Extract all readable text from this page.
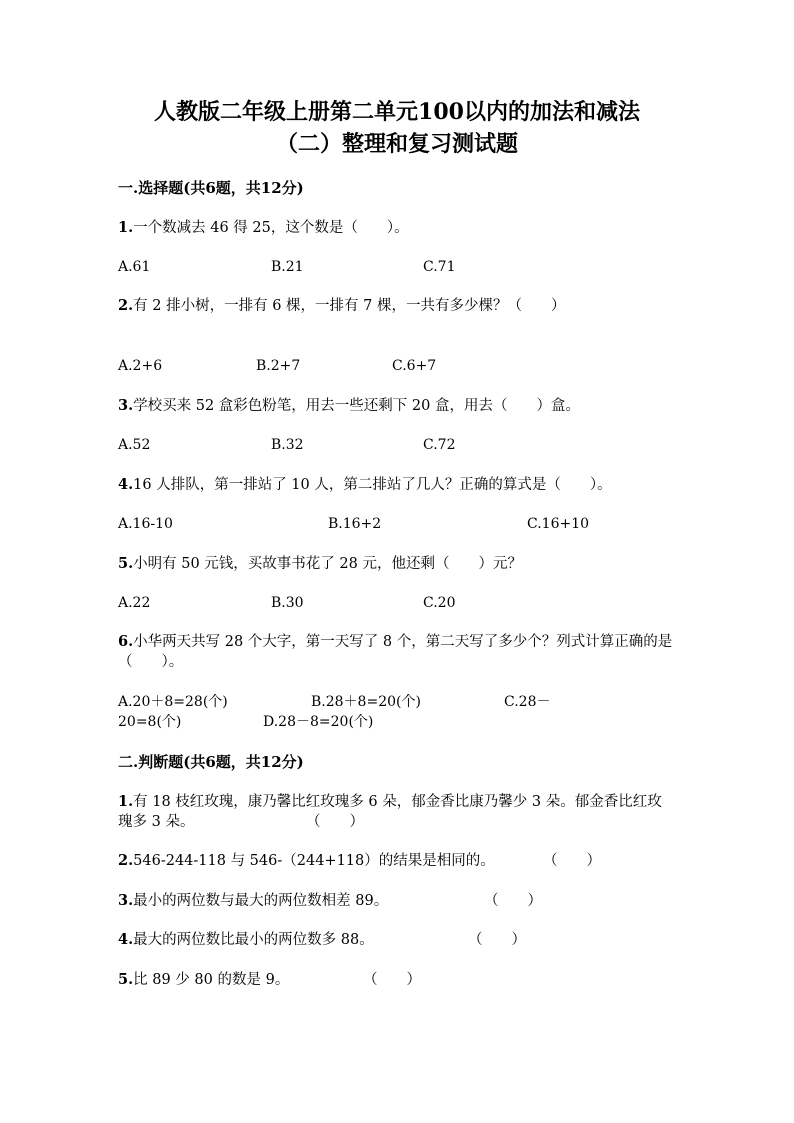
人教版二年级上册第二单元100以内的加法和减法
（二）整理和复习测试题
一.选择题(共6题，共12分)
1.一个数减去 46 得 25，这个数是（　　）。
A.61	B.21	C.71
2.有 2 排小树，一排有 6 棵，一排有 7 棵，一共有多少棵？（　　）
A.2+6	B.2+7	C.6+7
3.学校买来 52 盒彩色粉笔，用去一些还剩下 20 盒，用去（　　）盒。
A.52	B.32	C.72
4.16 人排队，第一排站了 10 人，第二排站了几人？正确的算式是（　　）。
A.16-10	B.16+2	C.16+10
5.小明有 50 元钱，买故事书花了 28 元，他还剩（　　）元？
A.22	B.30	C.20
6.小华两天共写 28 个大字，第一天写了 8 个，第二天写了多少个？列式计算正确的是（　　）。
A.20＋8=28(个)	B.28＋8=20(个)	C.28－
20=8(个)	D.28－8=20(个)
二.判断题(共6题，共12分)
1.有 18 枝红玫瑰，康乃馨比红玫瑰多 6 朵，郁金香比康乃馨少 3 朵。郁金香比红玫瑰多 3 朵。	（　　）
2.546-244-118 与 546-（244+118）的结果是相同的。	（　　）
3.最小的两位数与最大的两位数相差 89。	（　　）
4.最大的两位数比最小的两位数多 88。	（　　）
5.比 89 少 80 的数是 9。	（　　）
